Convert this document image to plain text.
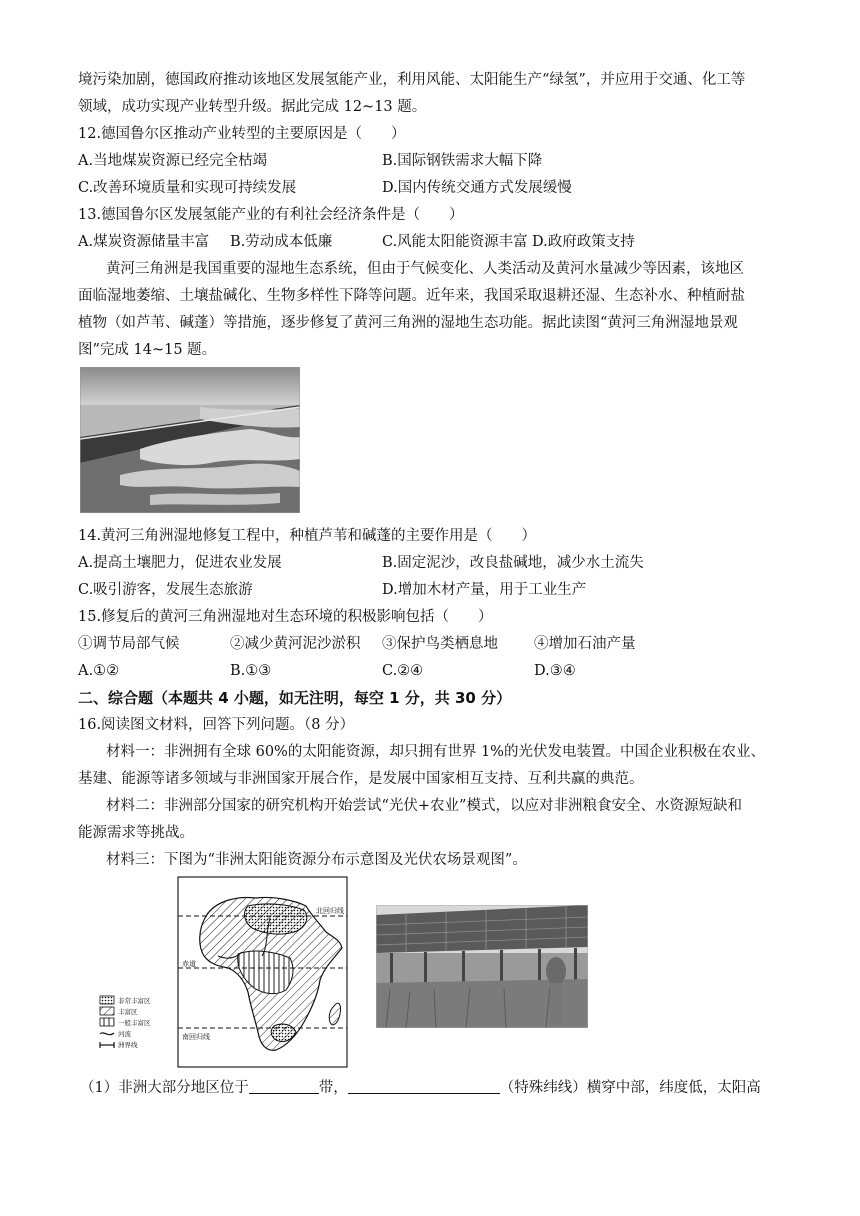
境污染加剧，德国政府推动该地区发展氢能产业，利用风能、太阳能生产“绿氢”，并应用于交通、化工等
领域，成功实现产业转型升级。据此完成 12~13 题。
12.德国鲁尔区推动产业转型的主要原因是（　　）
A.当地煤炭资源已经完全枯竭	B.国际钢铁需求大幅下降
C.改善环境质量和实现可持续发展	D.国内传统交通方式发展缓慢
13.德国鲁尔区发展氢能产业的有利社会经济条件是（　　）
A.煤炭资源储量丰富 B.劳动成本低廉	C.风能太阳能资源丰富 D.政府政策支持
黄河三角洲是我国重要的湿地生态系统，但由于气候变化、人类活动及黄河水量减少等因素，该地区
面临湿地萎缩、土壤盐碱化、生物多样性下降等问题。近年来，我国采取退耕还湿、生态补水、种植耐盐
植物（如芦苇、碱蓬）等措施，逐步修复了黄河三角洲的湿地生态功能。据此读图“黄河三角洲湿地景观
图”完成 14~15 题。
14.黄河三角洲湿地修复工程中，种植芦苇和碱蓬的主要作用是（　　）
A.提高土壤肥力，促进农业发展	B.固定泥沙，改良盐碱地，减少水土流失
C.吸引游客，发展生态旅游	D.增加木材产量，用于工业生产
15.修复后的黄河三角洲湿地对生态环境的积极影响包括（　　）
①调节局部气候	②减少黄河泥沙淤积 ③保护鸟类栖息地 ④增加石油产量
A.①②	B.①③	C.②④	D.③④
二、综合题（本题共 4 小题，如无注明，每空 1 分，共 30 分）
16.阅读图文材料，回答下列问题。（8 分）
材料一：非洲拥有全球 60%的太阳能资源，却只拥有世界 1%的光伏发电装置。中国企业积极在农业、
基建、能源等诸多领域与非洲国家开展合作，是发展中国家相互支持、互利共赢的典范。
材料二：非洲部分国家的研究机构开始尝试“光伏+农业”模式，以应对非洲粮食安全、水资源短缺和
能源需求等挑战。
材料三：下图为“非洲太阳能资源分布示意图及光伏农场景观图”。
北回归线
赤道
南回归线
非常丰富区
丰富区
一般丰富区
河流
洲界线
（1）非洲大部分地区位于	带，	（特殊纬线）横穿中部，纬度低，太阳高
